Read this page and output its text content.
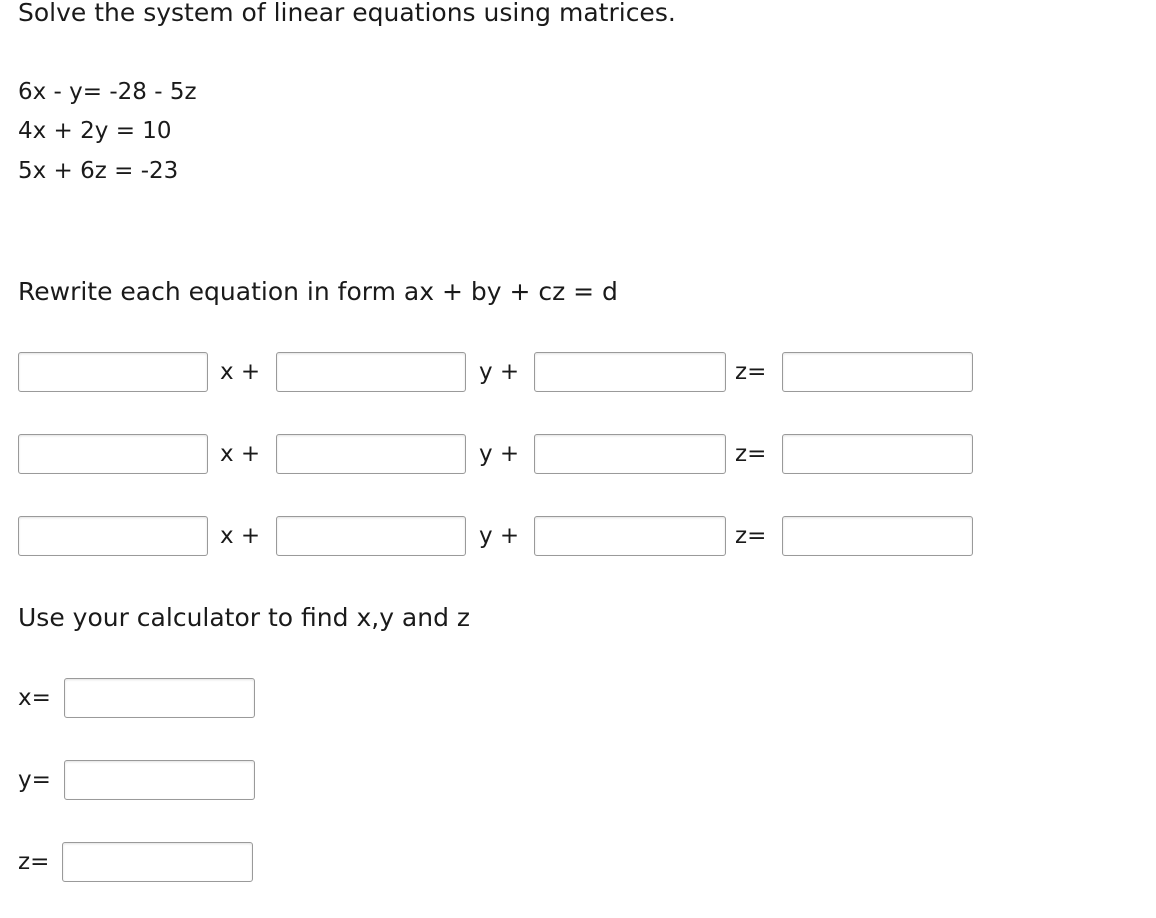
Solve the system of linear equations using matrices.
6x - y= -28 - 5z
4x + 2y = 10
5x + 6z = -23
Rewrite each equation in form ax + by + cz = d
x +	y +	z=
x +	y +	z=
x +	y +	z=
Use your calculator to find x,y and z
x=
y=
z=
